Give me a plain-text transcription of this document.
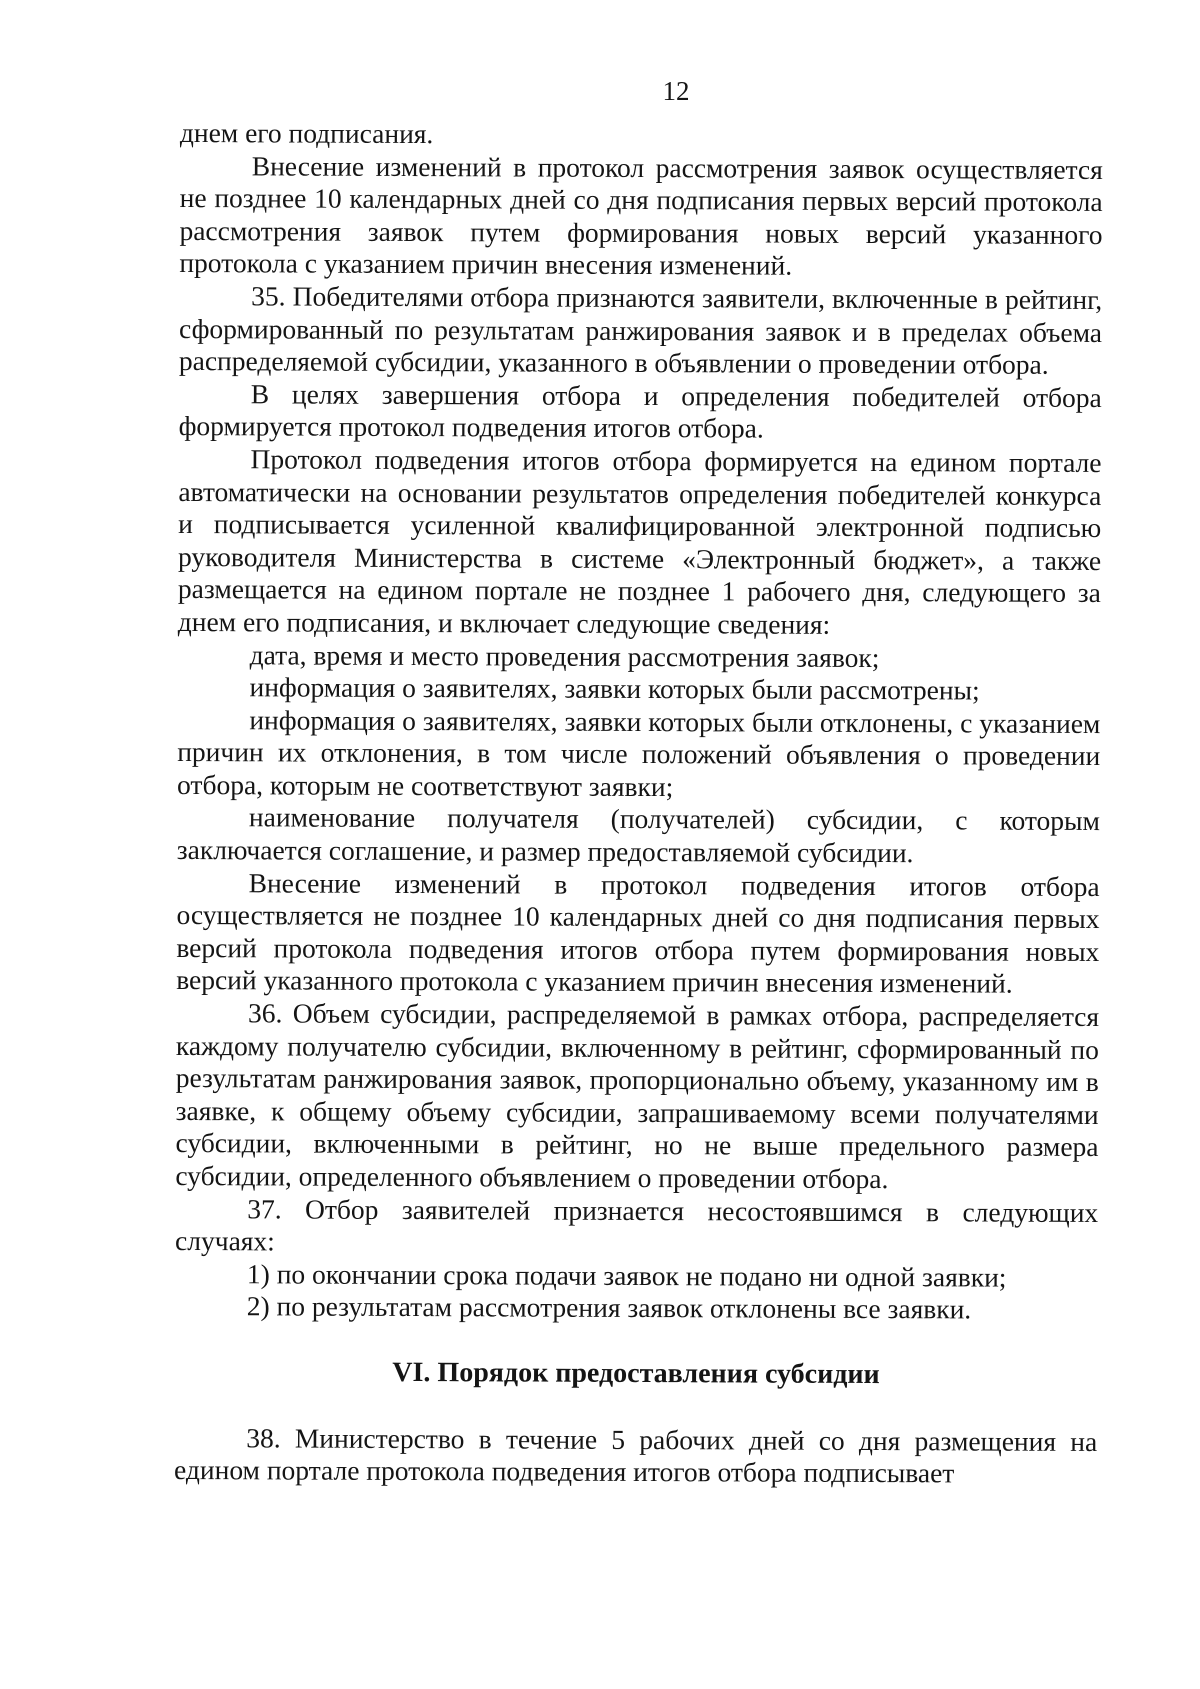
12

днем его подписания.

Внесение изменений в протокол рассмотрения заявок осуществляется не позднее 10 календарных дней со дня подписания первых версий протокола рассмотрения заявок путем формирования новых версий указанного протокола с указанием причин внесения изменений.

35. Победителями отбора признаются заявители, включенные в рейтинг, сформированный по результатам ранжирования заявок и в пределах объема распределяемой субсидии, указанного в объявлении о проведении отбора.

В целях завершения отбора и определения победителей отбора формируется протокол подведения итогов отбора.

Протокол подведения итогов отбора формируется на едином портале автоматически на основании результатов определения победителей конкурса и подписывается усиленной квалифицированной электронной подписью руководителя Министерства в системе «Электронный бюджет», а также размещается на едином портале не позднее 1 рабочего дня, следующего за днем его подписания, и включает следующие сведения:

дата, время и место проведения рассмотрения заявок;

информация о заявителях, заявки которых были рассмотрены;

информация о заявителях, заявки которых были отклонены, с указанием причин их отклонения, в том числе положений объявления о проведении отбора, которым не соответствуют заявки;

наименование получателя (получателей) субсидии, с которым заключается соглашение, и размер предоставляемой субсидии.

Внесение изменений в протокол подведения итогов отбора осуществляется не позднее 10 календарных дней со дня подписания первых версий протокола подведения итогов отбора путем формирования новых версий указанного протокола с указанием причин внесения изменений.

36. Объем субсидии, распределяемой в рамках отбора, распределяется каждому получателю субсидии, включенному в рейтинг, сформированный по результатам ранжирования заявок, пропорционально объему, указанному им в заявке, к общему объему субсидии, запрашиваемому всеми получателями субсидии, включенными в рейтинг, но не выше предельного размера субсидии, определенного объявлением о проведении отбора.

37. Отбор заявителей признается несостоявшимся в следующих случаях:

1) по окончании срока подачи заявок не подано ни одной заявки;

2) по результатам рассмотрения заявок отклонены все заявки.

VI. Порядок предоставления субсидии

38. Министерство в течение 5 рабочих дней со дня размещения на едином портале протокола подведения итогов отбора подписывает
